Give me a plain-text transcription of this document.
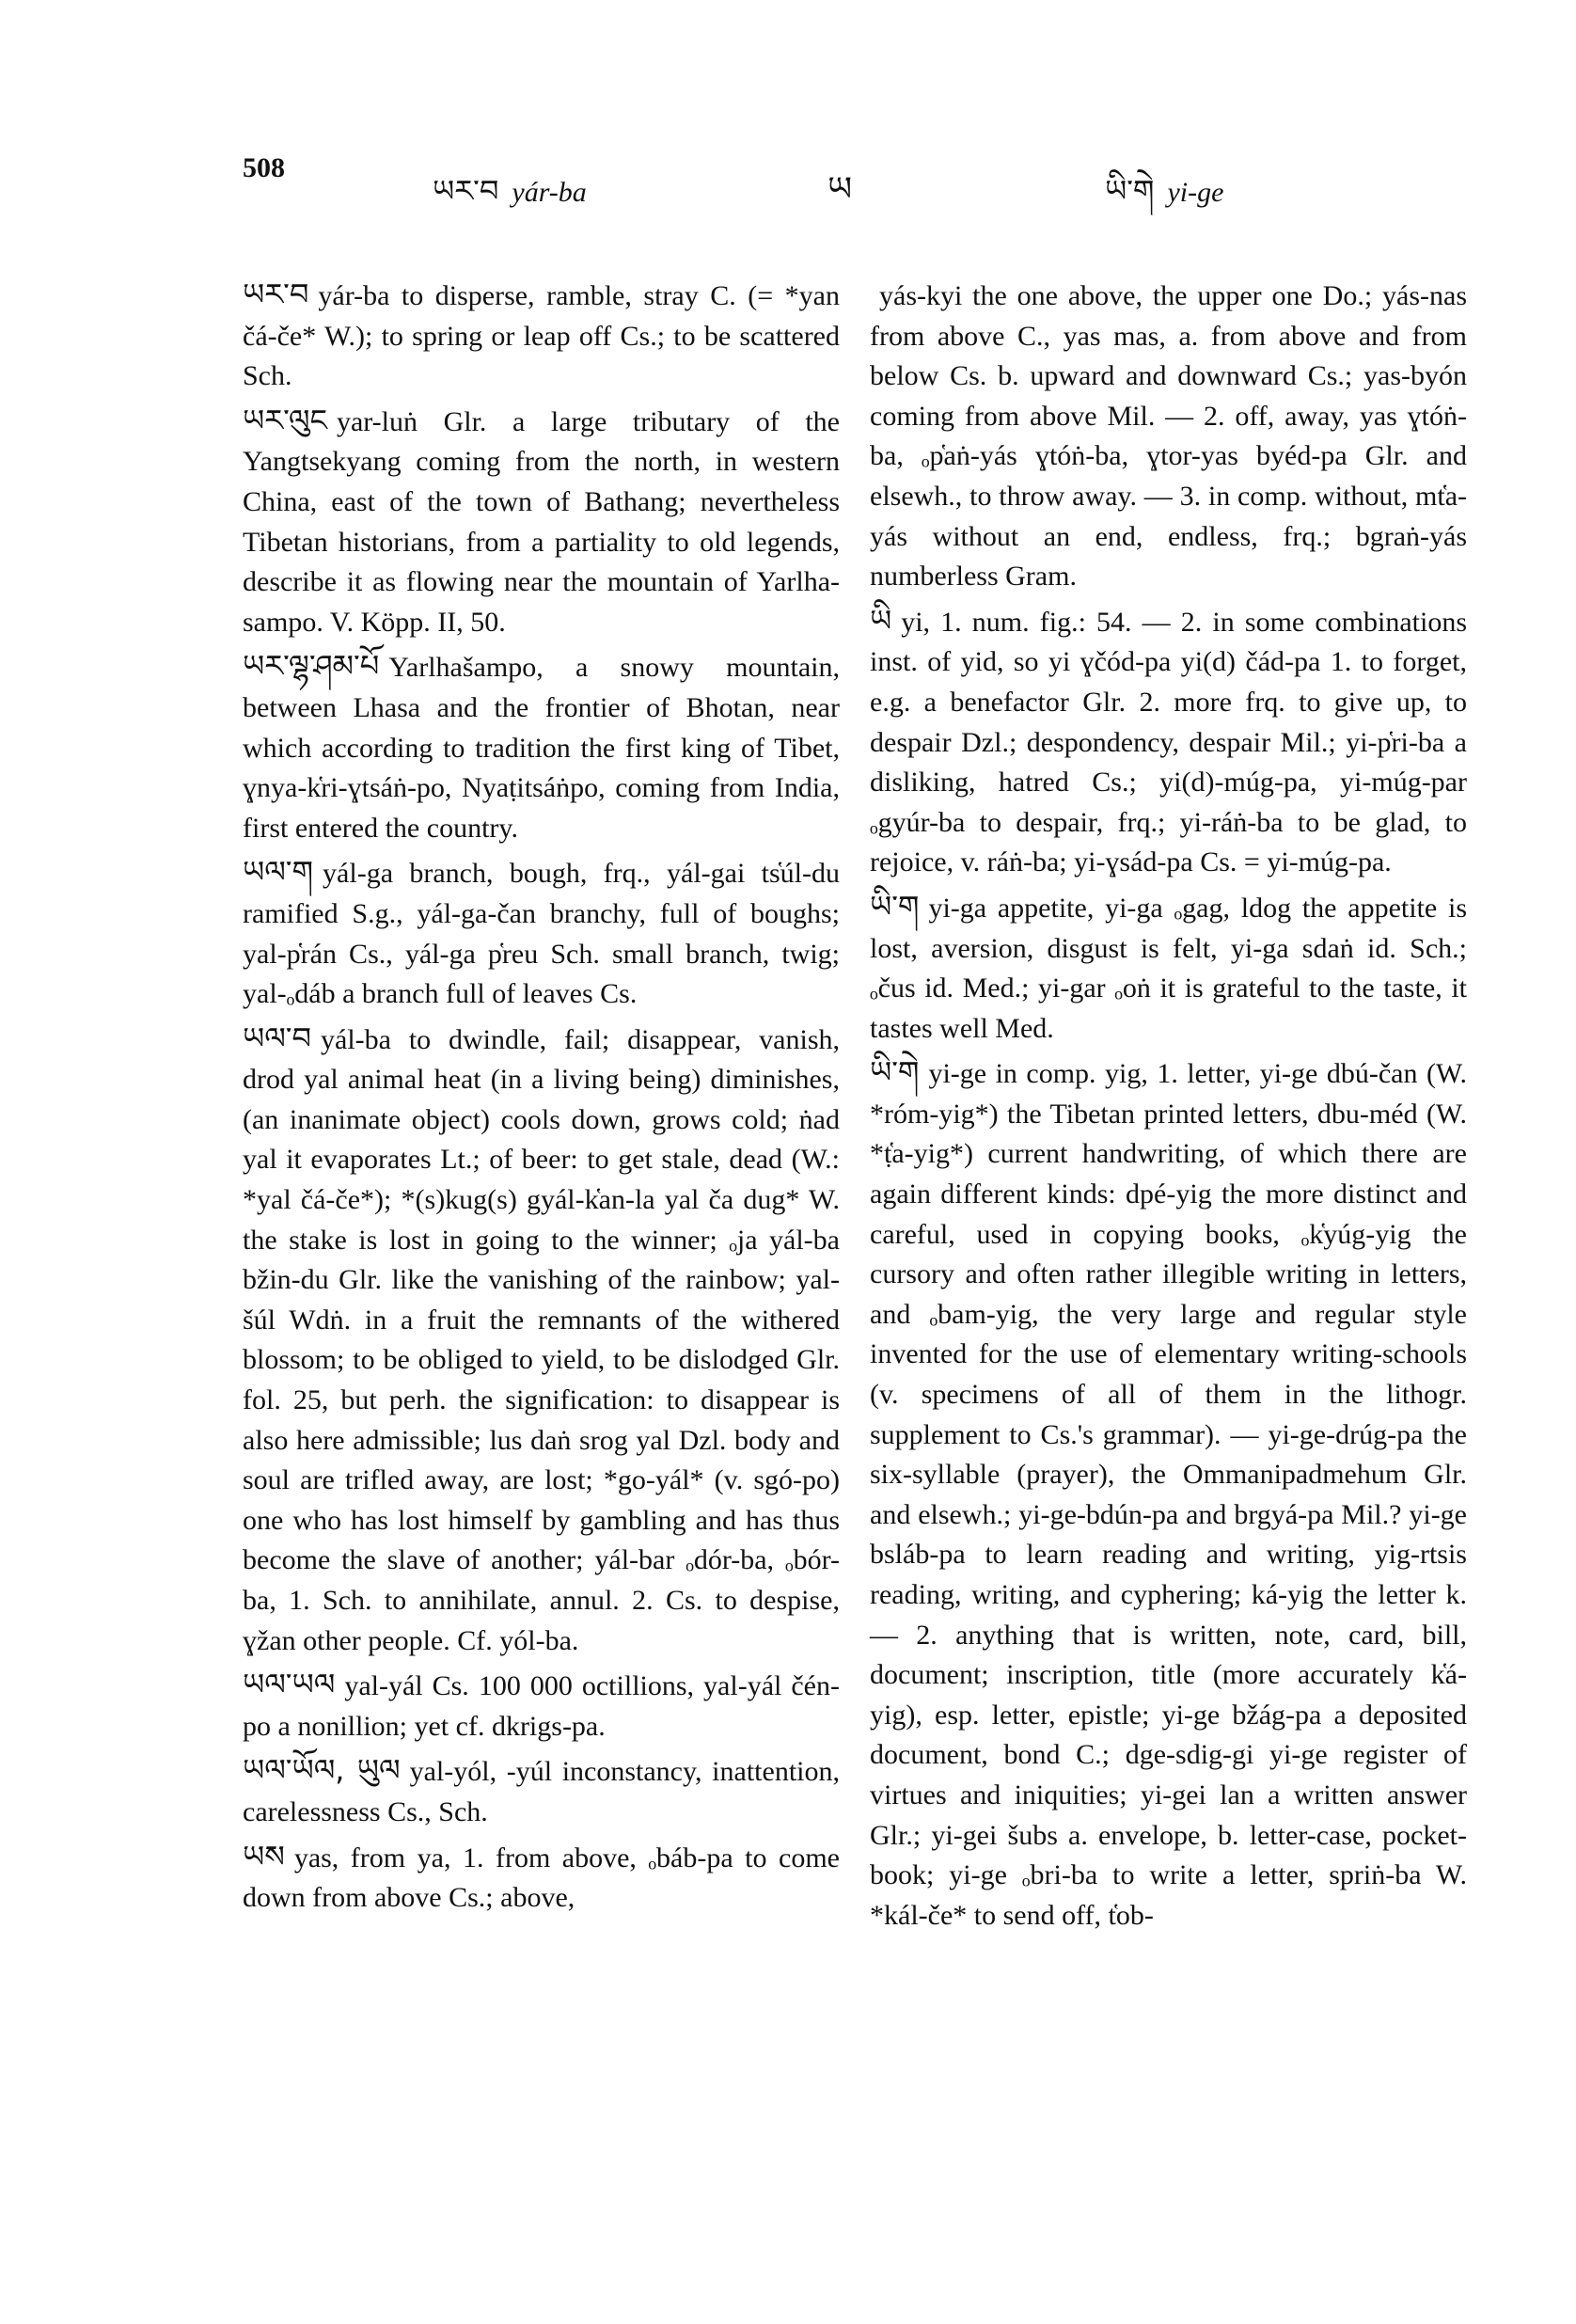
508
ཡར་བ yár-ba	ཡ	ཡི་གེ yi-ge

ཡར་བ yár-ba to disperse, ramble, stray C. (= *yan čá-če* W.); to spring or leap off Cs.; to be scattered Sch.

ཡར་ལུང yar-luṅ Glr. a large tributary of the Yangtsekyang coming from the north, in western China, east of the town of Bathang; nevertheless Tibetan historians, from a partiality to old legends, describe it as flowing near the mountain of Yarlha-sampo. V. Köpp. II, 50.

ཡར་ལྷ་ཤམ་པོ Yarlhašampo, a snowy mountain, between Lhasa and the frontier of Bhotan, near which according to tradition the first king of Tibet, ɣnya-k̔ri-ɣtsáṅ-po, Nyaṭitsáṅpo, coming from India, first entered the country.

ཡལ་ག yál-ga branch, bough, frq., yál-gai ts̔úl-du ramified S.g., yál-ga-čan branchy, full of boughs; yal-p̔rán Cs., yál-ga p̔reu Sch. small branch, twig; yal-ₒdáb a branch full of leaves Cs.

ཡལ་བ yál-ba to dwindle, fail; disappear, vanish, drod yal animal heat (in a living being) diminishes, (an inanimate object) cools down, grows cold; ṅad yal it evaporates Lt.; of beer: to get stale, dead (W.: *yal čá-če*); *(s)kug(s) gyál-k̔an-la yal ča dug* W. the stake is lost in going to the winner; ₒja yál-ba bžin-du Glr. like the vanishing of the rainbow; yal-šúl Wdṅ. in a fruit the remnants of the withered blossom; to be obliged to yield, to be dislodged Glr. fol. 25, but perh. the signification: to disappear is also here admissible; lus daṅ srog yal Dzl. body and soul are trifled away, are lost; *go-yál* (v. sgó-po) one who has lost himself by gambling and has thus become the slave of another; yál-bar ₒdór-ba, ₒbór-ba, 1. Sch. to annihilate, annul. 2. Cs. to despise, ɣžan other people. Cf. yól-ba.

ཡལ་ཡལ yal-yál Cs. 100 000 octillions, yal-yál čén-po a nonillion; yet cf. dkrigs-pa.

ཡལ་ཡོལ, ཡུལ yal-yól, -yúl inconstancy, inattention, carelessness Cs., Sch.

ཡས yas, from ya, 1. from above, ₒbáb-pa to come down from above Cs.; above,

yás-kyi the one above, the upper one Do.; yás-nas from above C., yas mas, a. from above and from below Cs. b. upward and downward Cs.; yas-byón coming from above Mil. — 2. off, away, yas ɣtóṅ-ba, ₒp̔aṅ-yás ɣtóṅ-ba, ɣtor-yas byéd-pa Glr. and elsewh., to throw away. — 3. in comp. without, mt̔a-yás without an end, endless, frq.; bgraṅ-yás numberless Gram.

ཡི yi, 1. num. fig.: 54. — 2. in some combinations inst. of yid, so yi ɣčód-pa yi(d) čád-pa 1. to forget, e.g. a benefactor Glr. 2. more frq. to give up, to despair Dzl.; despondency, despair Mil.; yi-p̔ri-ba a disliking, hatred Cs.; yi(d)-múg-pa, yi-múg-par ₒgyúr-ba to despair, frq.; yi-ráṅ-ba to be glad, to rejoice, v. ráṅ-ba; yi-ɣsád-pa Cs. = yi-múg-pa.

ཡི་ག yi-ga appetite, yi-ga ₒgag, ldog the appetite is lost, aversion, disgust is felt, yi-ga sdaṅ id. Sch.; ₒčus id. Med.; yi-gar ₒoṅ it is grateful to the taste, it tastes well Med.

ཡི་གེ yi-ge in comp. yig, 1. letter, yi-ge dbú-čan (W. *róm-yig*) the Tibetan printed letters, dbu-méd (W. *ṭ̔a-yig*) current handwriting, of which there are again different kinds: dpé-yig the more distinct and careful, used in copying books, ₒk̔yúg-yig the cursory and often rather illegible writing in letters, and ₒbam-yig, the very large and regular style invented for the use of elementary writing-schools (v. specimens of all of them in the lithogr. supplement to Cs.'s grammar). — yi-ge-drúg-pa the six-syllable (prayer), the Ommanipadmehum Glr. and elsewh.; yi-ge-bdún-pa and brgyá-pa Mil.? yi-ge bsláb-pa to learn reading and writing, yig-rtsis reading, writing, and cyphering; ká-yig the letter k. — 2. anything that is written, note, card, bill, document; inscription, title (more accurately k̔á-yig), esp. letter, epistle; yi-ge bžág-pa a deposited document, bond C.; dge-sdig-gi yi-ge register of virtues and iniquities; yi-gei lan a written answer Glr.; yi-gei šubs a. envelope, b. letter-case, pocket-book; yi-ge ₒbri-ba to write a letter, spriṅ-ba W. *kál-če* to send off, t̔ob-
